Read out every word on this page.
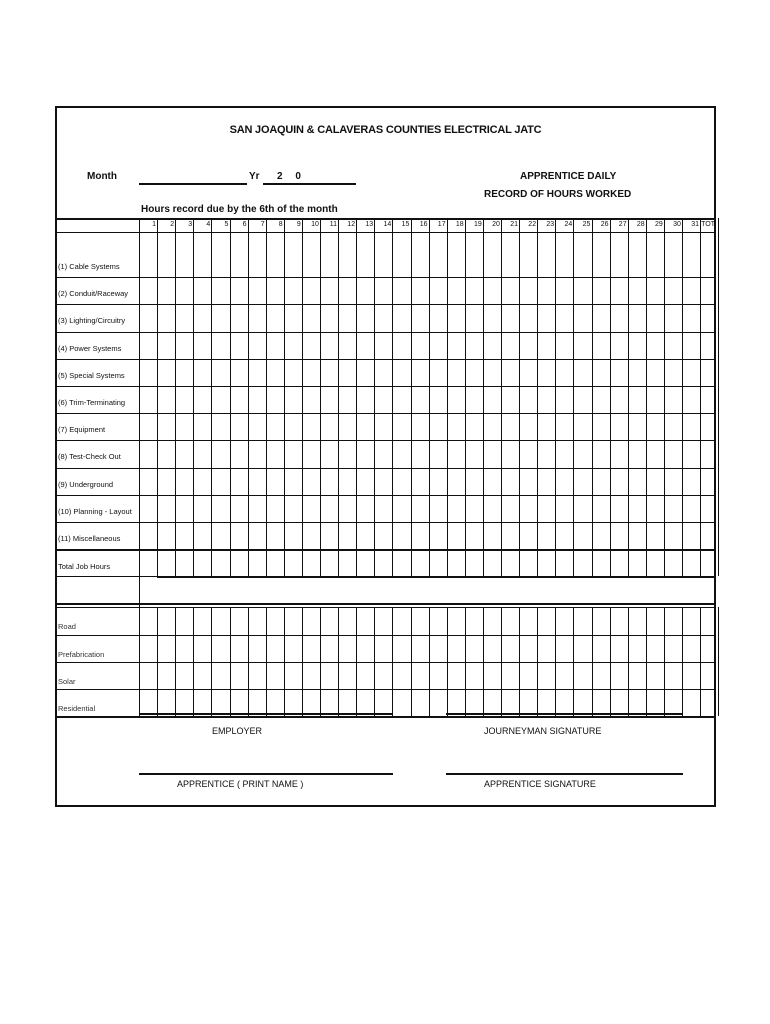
SAN JOAQUIN & CALAVERAS COUNTIES ELECTRICAL JATC
Month	Yr 2 0	APPRENTICE DAILY
RECORD OF HOURS WORKED
Hours record due by the 6th of the month
1	2	3	4	5	6	7	8	9	10	11	12	13	14	15	16	17	18	19	20	21	22	23	24	25	26	27	28	29	30	31 TOT
(1) Cable Systems
(2) Conduit/Raceway
(3) Lighting/Circuitry
(4) Power Systems
(5) Special Systems
(6) Trim-Terminating
(7) Equipment
(8) Test-Check Out
(9) Underground
(10) Planning - Layout
(11) Miscellaneous
Total Job Hours
Road
Prefabrication
Solar
Residential
EMPLOYER	JOURNEYMAN SIGNATURE
APPRENTICE ( PRINT NAME )	APPRENTICE SIGNATURE
